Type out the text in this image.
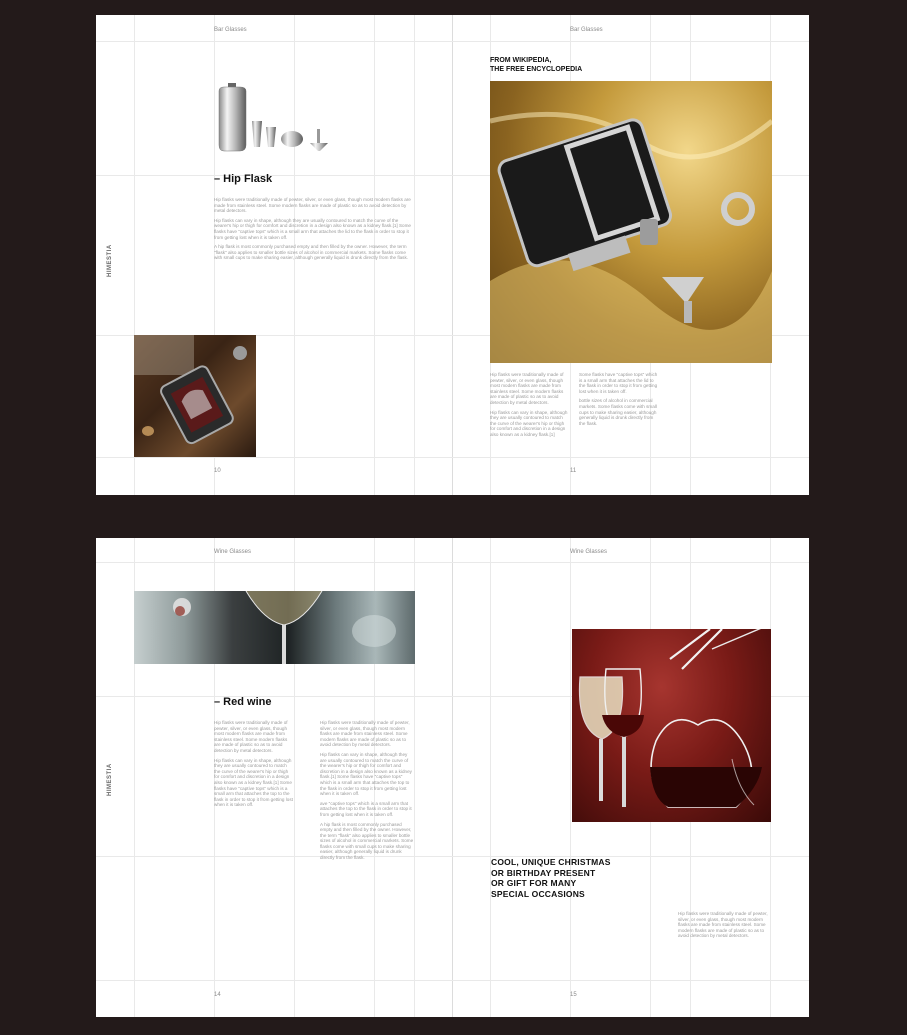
Bar Glasses	Bar Glasses
HIMESTIA
– Hip Flask

Hip flasks were traditionally made of pewter, silver, or even glass, though most modern flasks are made from stainless steel. Some modern flasks are made of plastic so as to avoid detection by metal detectors.

Hip flasks can vary in shape, although they are usually contoured to match the curve of the wearer's hip or thigh for comfort and discretion in a design also known as a kidney flask.[1] Some flasks have "captive tops" which is a small arm that attaches the lid to the flask in order to stop it from getting lost when it is taken off.

A hip flask is most commonly purchased empty and then filled by the owner. However, the term "flask" also applies to smaller bottle sizes of alcohol in commercial markets. Some flasks come with small cups to make sharing easier, although generally liquid is drunk directly from the flask.

10	11
FROM WIKIPEDIA,
THE FREE ENCYCLOPEDIA

Hip flasks were traditionally made of pewter, silver, or even glass, though most modern flasks are made from stainless steel. Some modern flasks are made of plastic so as to avoid detection by metal detectors.

Hip flasks can vary in shape, although they are usually contoured to match the curve of the wearer's hip or thigh for comfort and discretion in a design also known as a kidney flask.[1]

Some flasks have "captive tops" which is a small arm that attaches the lid to the flask in order to stop it from getting lost when it is taken off.

bottle sizes of alcohol in commercial markets. Some flasks come with small cups to make sharing easier, although generally liquid is drunk directly from the flask.

Wine Glasses	Wine Glasses
HIMESTIA
– Red wine

Hip flasks were traditionally made of pewter, silver, or even glass, though most modern flasks are made from stainless steel. Some modern flasks are made of plastic so as to avoid detection by metal detectors.

Hip flasks can vary in shape, although they are usually contoured to match the curve of the wearer's hip or thigh for comfort and discretion in a design also known as a kidney flask.[1] Some flasks have "captive tops" which is a small arm that attaches the top to the flask in order to stop it from getting lost when it is taken off.

Hip flasks were traditionally made of pewter, silver, or even glass, though most modern flasks are made from stainless steel. Some modern flasks are made of plastic so as to avoid detection by metal detectors.

Hip flasks can vary in shape, although they are usually contoured to match the curve of the wearer's hip or thigh for comfort and discretion in a design also known as a kidney flask.[1] Some flasks have "captive tops" which is a small arm that attaches the top to the flask in order to stop it from getting lost when it is taken off.

ave "captive tops" which is a small arm that attaches the top to the flask in order to stop it from getting lost when it is taken off.

A hip flask is most commonly purchased empty and then filled by the owner. However, the term "flask" also applies to smaller bottle sizes of alcohol in commercial markets. Some flasks come with small cups to make sharing easier, although generally liquid is drunk directly from the flask.

14	15
COOL, UNIQUE CHRISTMAS
OR BIRTHDAY PRESENT
OR GIFT FOR MANY
SPECIAL OCCASIONS
Hip flasks were traditionally made of pewter, silver, or even glass, though most modern flasks are made from stainless steel. Some modern flasks are made of plastic so as to avoid detection by metal detectors.
